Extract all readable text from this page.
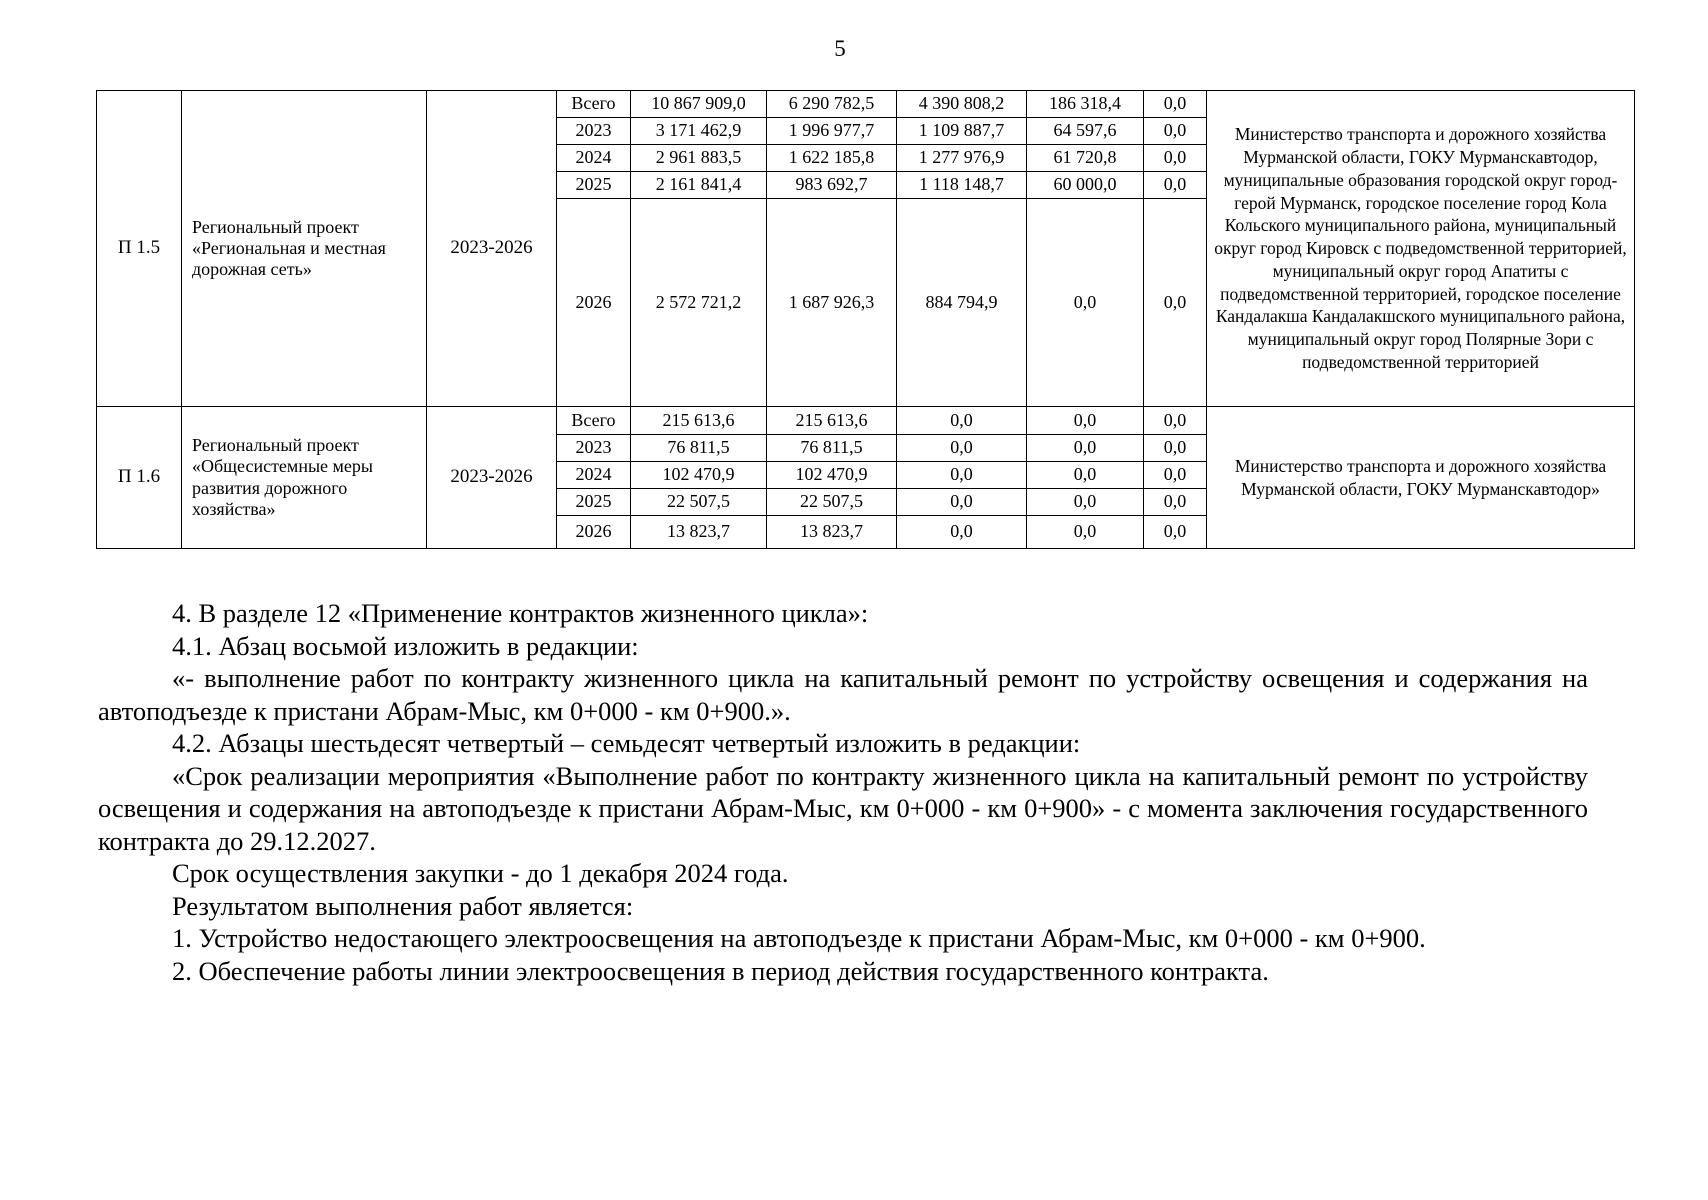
5
П 1.5	Региональный проект «Региональная и местная дорожная сеть»	2023-2026	Всего	10 867 909,0	6 290 782,5	4 390 808,2	186 318,4	0,0	Министерство транспорта и дорожного хозяйства Мурманской области, ГОКУ Мурманскавтодор, муниципальные образования городской округ город-герой Мурманск, городское поселение город Кола Кольского муниципального района, муниципальный округ город Кировск с подведомственной территорией, муниципальный округ город Апатиты с подведомственной территорией, городское поселение Кандалакша Кандалакшского муниципального района, муниципальный округ город Полярные Зори с подведомственной территорией
			2023	3 171 462,9	1 996 977,7	1 109 887,7	64 597,6	0,0	
			2024	2 961 883,5	1 622 185,8	1 277 976,9	61 720,8	0,0	
			2025	2 161 841,4	983 692,7	1 118 148,7	60 000,0	0,0	
			2026	2 572 721,2	1 687 926,3	884 794,9	0,0	0,0	
П 1.6	Региональный проект «Общесистемные меры развития дорожного хозяйства»	2023-2026	Всего	215 613,6	215 613,6	0,0	0,0	0,0	Министерство транспорта и дорожного хозяйства Мурманской области, ГОКУ Мурманскавтодор»
			2023	76 811,5	76 811,5	0,0	0,0	0,0	
			2024	102 470,9	102 470,9	0,0	0,0	0,0	
			2025	22 507,5	22 507,5	0,0	0,0	0,0	
			2026	13 823,7	13 823,7	0,0	0,0	0,0	

4. В разделе 12 «Применение контрактов жизненного цикла»:

4.1. Абзац восьмой изложить в редакции:

«- выполнение работ по контракту жизненного цикла на капитальный ремонт по устройству освещения и содержания на автоподъезде к пристани Абрам-Мыс, км 0+000 - км 0+900.».

4.2. Абзацы шестьдесят четвертый – семьдесят четвертый изложить в редакции:

«Срок реализации мероприятия «Выполнение работ по контракту жизненного цикла на капитальный ремонт по устройству освещения и содержания на автоподъезде к пристани Абрам-Мыс, км 0+000 - км 0+900» - с момента заключения государственного контракта до 29.12.2027.

Срок осуществления закупки - до 1 декабря 2024 года.

Результатом выполнения работ является:

1. Устройство недостающего электроосвещения на автоподъезде к пристани Абрам-Мыс, км 0+000 - км 0+900.

2. Обеспечение работы линии электроосвещения в период действия государственного контракта.
